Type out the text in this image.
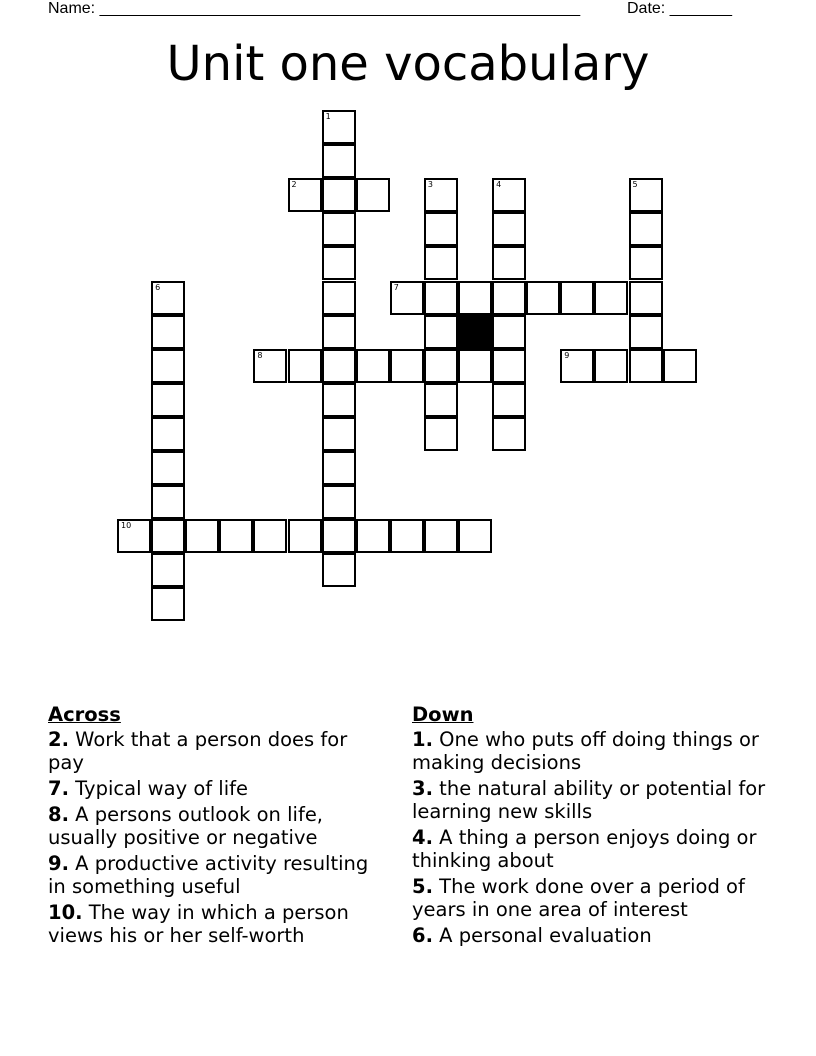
Name: ______________________________________________________	Date: _______
Unit one vocabulary
1
2	3	4	5
6	7
8	9
10
Across
2. Work that a person does for pay
7. Typical way of life
8. A persons outlook on life, usually positive or negative
9. A productive activity resulting in something useful
10. The way in which a person views his or her self-worth
Down
1. One who puts off doing things or making decisions
3. the natural ability or potential for learning new skills
4. A thing a person enjoys doing or thinking about
5. The work done over a period of years in one area of interest
6. A personal evaluation
